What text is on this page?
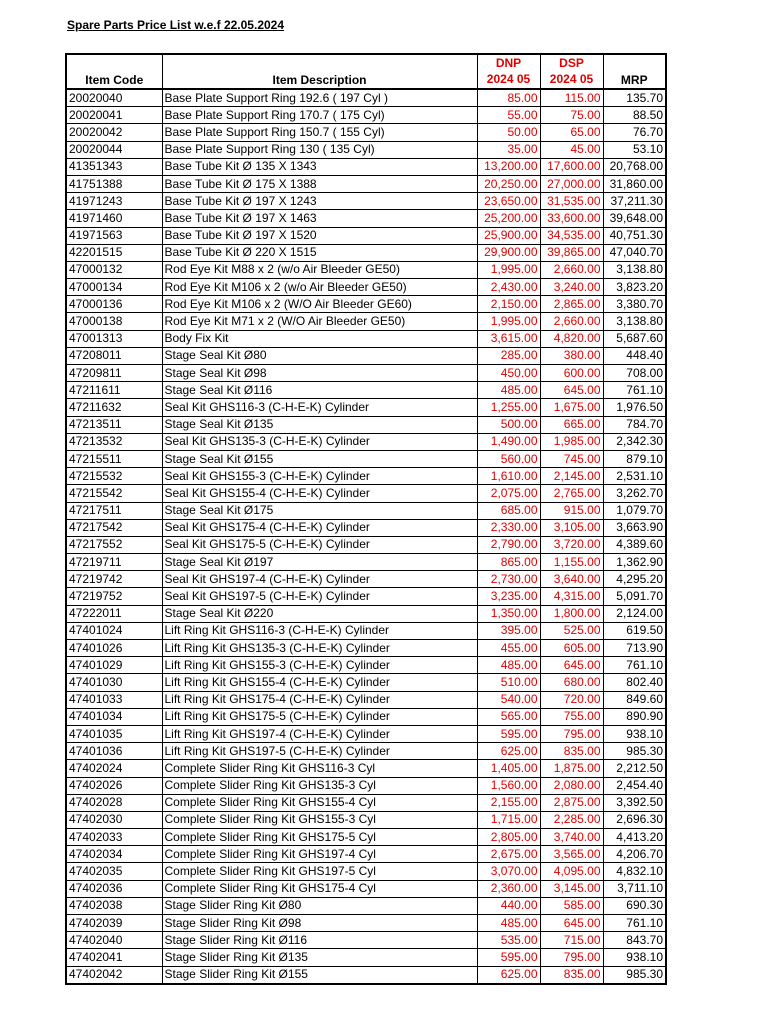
Spare Parts Price List w.e.f 22.05.2024
		DNP	DSP	
Item Code	Item Description	2024 05	2024 05	MRP
20020040	Base Plate Support Ring 192.6 ( 197 Cyl )	85.00	115.00	135.70
20020041	Base Plate Support Ring 170.7 ( 175 Cyl)	55.00	75.00	88.50
20020042	Base Plate Support Ring 150.7 ( 155 Cyl)	50.00	65.00	76.70
20020044	Base Plate Support Ring 130 ( 135 Cyl)	35.00	45.00	53.10
41351343	Base Tube Kit Ø 135 X 1343	13,200.00	17,600.00	20,768.00
41751388	Base Tube Kit Ø 175 X 1388	20,250.00	27,000.00	31,860.00
41971243	Base Tube Kit Ø 197 X 1243	23,650.00	31,535.00	37,211.30
41971460	Base Tube Kit Ø 197 X 1463	25,200.00	33,600.00	39,648.00
41971563	Base Tube Kit Ø 197 X 1520	25,900.00	34,535.00	40,751.30
42201515	Base Tube Kit Ø 220 X 1515	29,900.00	39,865.00	47,040.70
47000132	Rod Eye Kit M88 x 2 (w/o Air Bleeder GE50)	1,995.00	2,660.00	3,138.80
47000134	Rod Eye Kit M106 x 2 (w/o Air Bleeder GE50)	2,430.00	3,240.00	3,823.20
47000136	Rod Eye Kit M106 x 2 (W/O Air Bleeder GE60)	2,150.00	2,865.00	3,380.70
47000138	Rod Eye Kit M71 x 2 (W/O Air Bleeder GE50)	1,995.00	2,660.00	3,138.80
47001313	Body Fix Kit	3,615.00	4,820.00	5,687.60
47208011	Stage Seal Kit Ø80	285.00	380.00	448.40
47209811	Stage Seal Kit Ø98	450.00	600.00	708.00
47211611	Stage Seal Kit Ø116	485.00	645.00	761.10
47211632	Seal Kit GHS116-3 (C-H-E-K) Cylinder	1,255.00	1,675.00	1,976.50
47213511	Stage Seal Kit Ø135	500.00	665.00	784.70
47213532	Seal Kit GHS135-3 (C-H-E-K) Cylinder	1,490.00	1,985.00	2,342.30
47215511	Stage Seal Kit Ø155	560.00	745.00	879.10
47215532	Seal Kit GHS155-3 (C-H-E-K) Cylinder	1,610.00	2,145.00	2,531.10
47215542	Seal Kit GHS155-4 (C-H-E-K) Cylinder	2,075.00	2,765.00	3,262.70
47217511	Stage Seal Kit Ø175	685.00	915.00	1,079.70
47217542	Seal Kit GHS175-4 (C-H-E-K) Cylinder	2,330.00	3,105.00	3,663.90
47217552	Seal Kit GHS175-5 (C-H-E-K) Cylinder	2,790.00	3,720.00	4,389.60
47219711	Stage Seal Kit Ø197	865.00	1,155.00	1,362.90
47219742	Seal Kit GHS197-4 (C-H-E-K) Cylinder	2,730.00	3,640.00	4,295.20
47219752	Seal Kit GHS197-5 (C-H-E-K) Cylinder	3,235.00	4,315.00	5,091.70
47222011	Stage Seal Kit Ø220	1,350.00	1,800.00	2,124.00
47401024	Lift Ring Kit GHS116-3 (C-H-E-K) Cylinder	395.00	525.00	619.50
47401026	Lift Ring Kit GHS135-3 (C-H-E-K) Cylinder	455.00	605.00	713.90
47401029	Lift Ring Kit GHS155-3 (C-H-E-K) Cylinder	485.00	645.00	761.10
47401030	Lift Ring Kit GHS155-4 (C-H-E-K) Cylinder	510.00	680.00	802.40
47401033	Lift Ring Kit GHS175-4 (C-H-E-K) Cylinder	540.00	720.00	849.60
47401034	Lift Ring Kit GHS175-5 (C-H-E-K) Cylinder	565.00	755.00	890.90
47401035	Lift Ring Kit GHS197-4 (C-H-E-K) Cylinder	595.00	795.00	938.10
47401036	Lift Ring Kit GHS197-5 (C-H-E-K) Cylinder	625.00	835.00	985.30
47402024	Complete Slider Ring Kit GHS116-3 Cyl	1,405.00	1,875.00	2,212.50
47402026	Complete Slider Ring Kit GHS135-3 Cyl	1,560.00	2,080.00	2,454.40
47402028	Complete Slider Ring Kit GHS155-4 Cyl	2,155.00	2,875.00	3,392.50
47402030	Complete Slider Ring Kit GHS155-3 Cyl	1,715.00	2,285.00	2,696.30
47402033	Complete Slider Ring Kit GHS175-5 Cyl	2,805.00	3,740.00	4,413.20
47402034	Complete Slider Ring Kit GHS197-4 Cyl	2,675.00	3,565.00	4,206.70
47402035	Complete Slider Ring Kit GHS197-5 Cyl	3,070.00	4,095.00	4,832.10
47402036	Complete Slider Ring Kit GHS175-4 Cyl	2,360.00	3,145.00	3,711.10
47402038	Stage Slider Ring Kit Ø80	440.00	585.00	690.30
47402039	Stage Slider Ring Kit Ø98	485.00	645.00	761.10
47402040	Stage Slider Ring Kit Ø116	535.00	715.00	843.70
47402041	Stage Slider Ring Kit Ø135	595.00	795.00	938.10
47402042	Stage Slider Ring Kit Ø155	625.00	835.00	985.30
